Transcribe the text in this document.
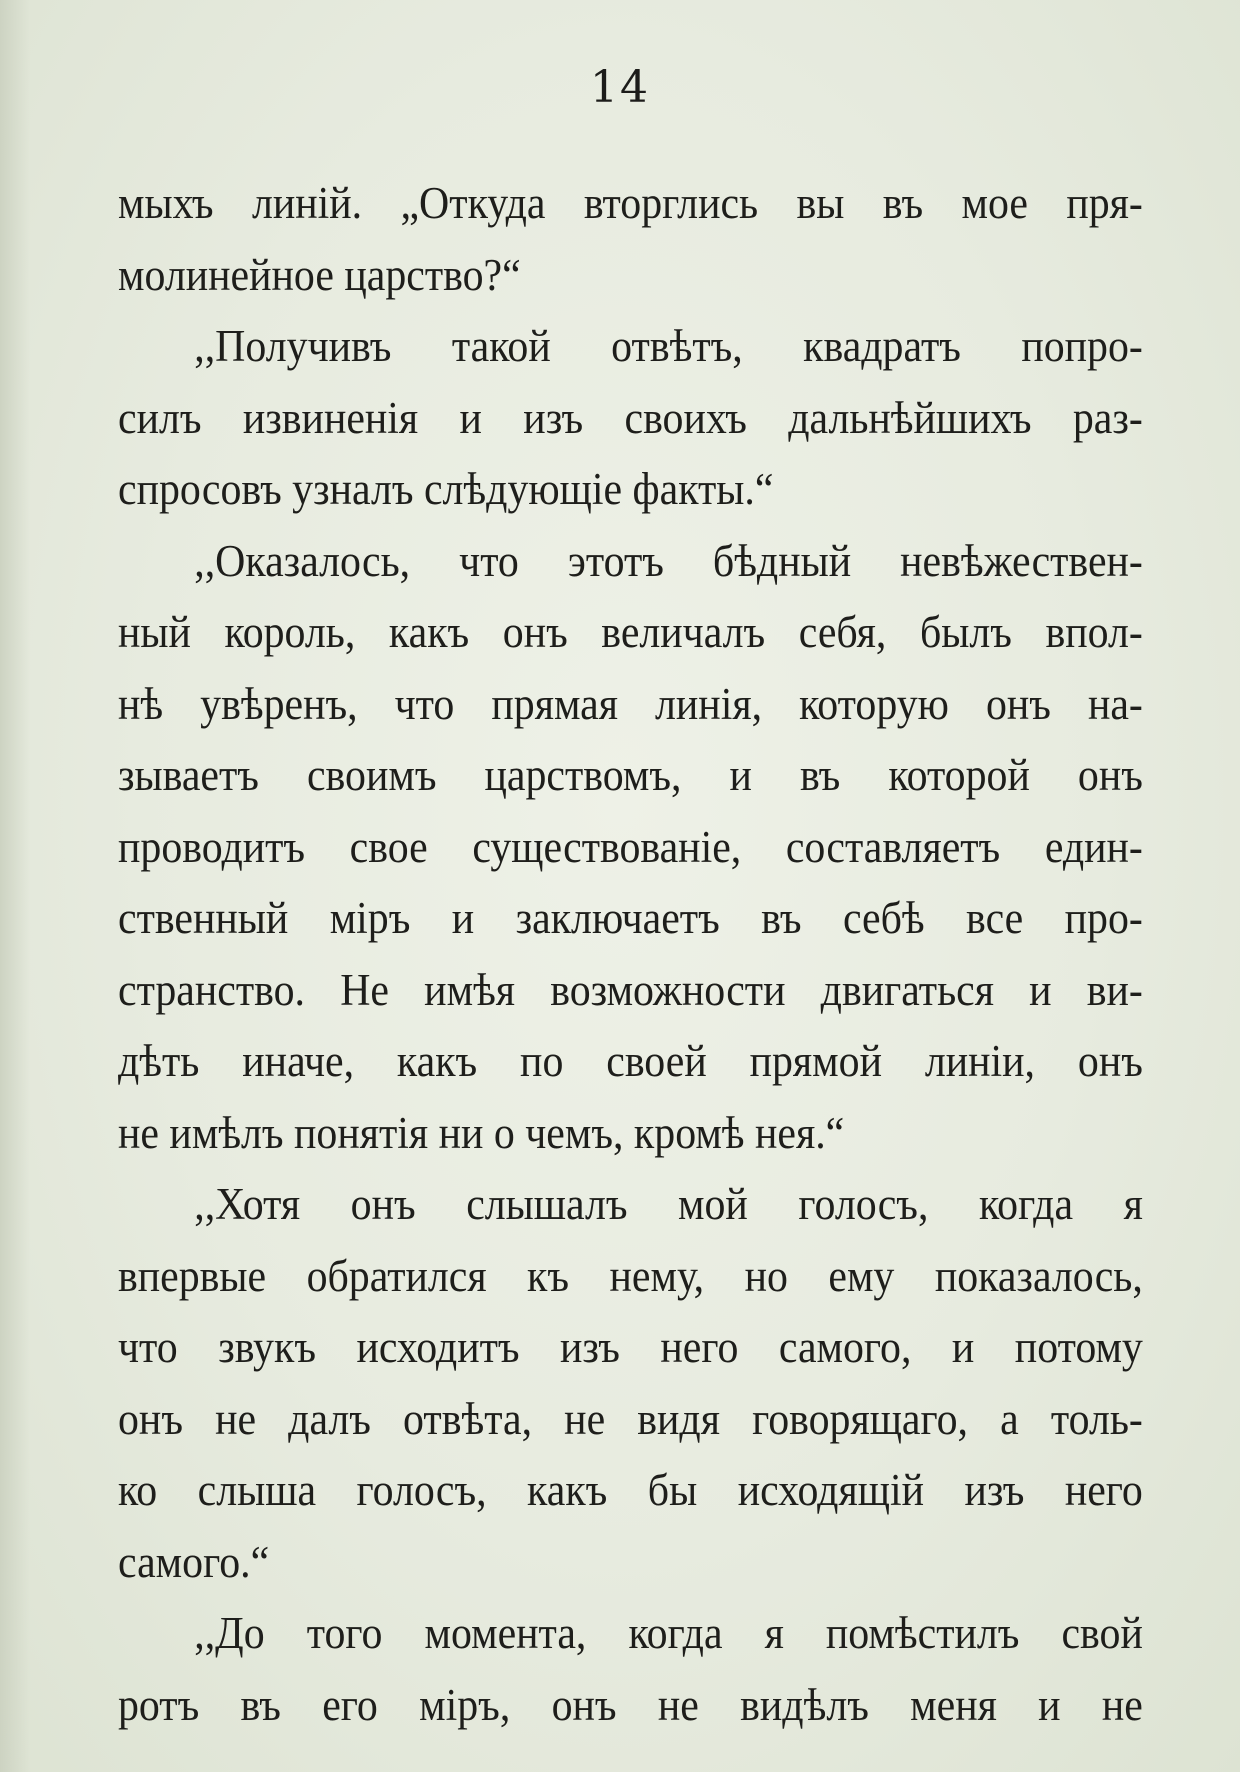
14
мыхъ линій. „Откуда вторглись вы въ мое пря-
молинейное царство?“
,,Получивъ такой отвѣтъ, квадратъ попро-
силъ извиненія и изъ своихъ дальнѣйшихъ раз-
спросовъ узналъ слѣдующіе факты.“
,,Оказалось, что этотъ бѣдный невѣжествен-
ный король, какъ онъ величалъ себя, былъ впол-
нѣ увѣренъ, что прямая линія, которую онъ на-
зываетъ своимъ царствомъ, и въ которой онъ
проводитъ свое существованіе, составляетъ един-
ственный міръ и заключаетъ въ себѣ все про-
странство. Не имѣя возможности двигаться и ви-
дѣть иначе, какъ по своей прямой линіи, онъ
не имѣлъ понятія ни о чемъ, кромѣ нея.“
,,Хотя онъ слышалъ мой голосъ, когда я
впервые обратился къ нему, но ему показалось,
что звукъ исходитъ изъ него самого, и потому
онъ не далъ отвѣта, не видя говорящаго, а толь-
ко слыша голосъ, какъ бы исходящій изъ него
самого.“
,,До того момента, когда я помѣстилъ свой
ротъ въ его міръ, онъ не видѣлъ меня и не
